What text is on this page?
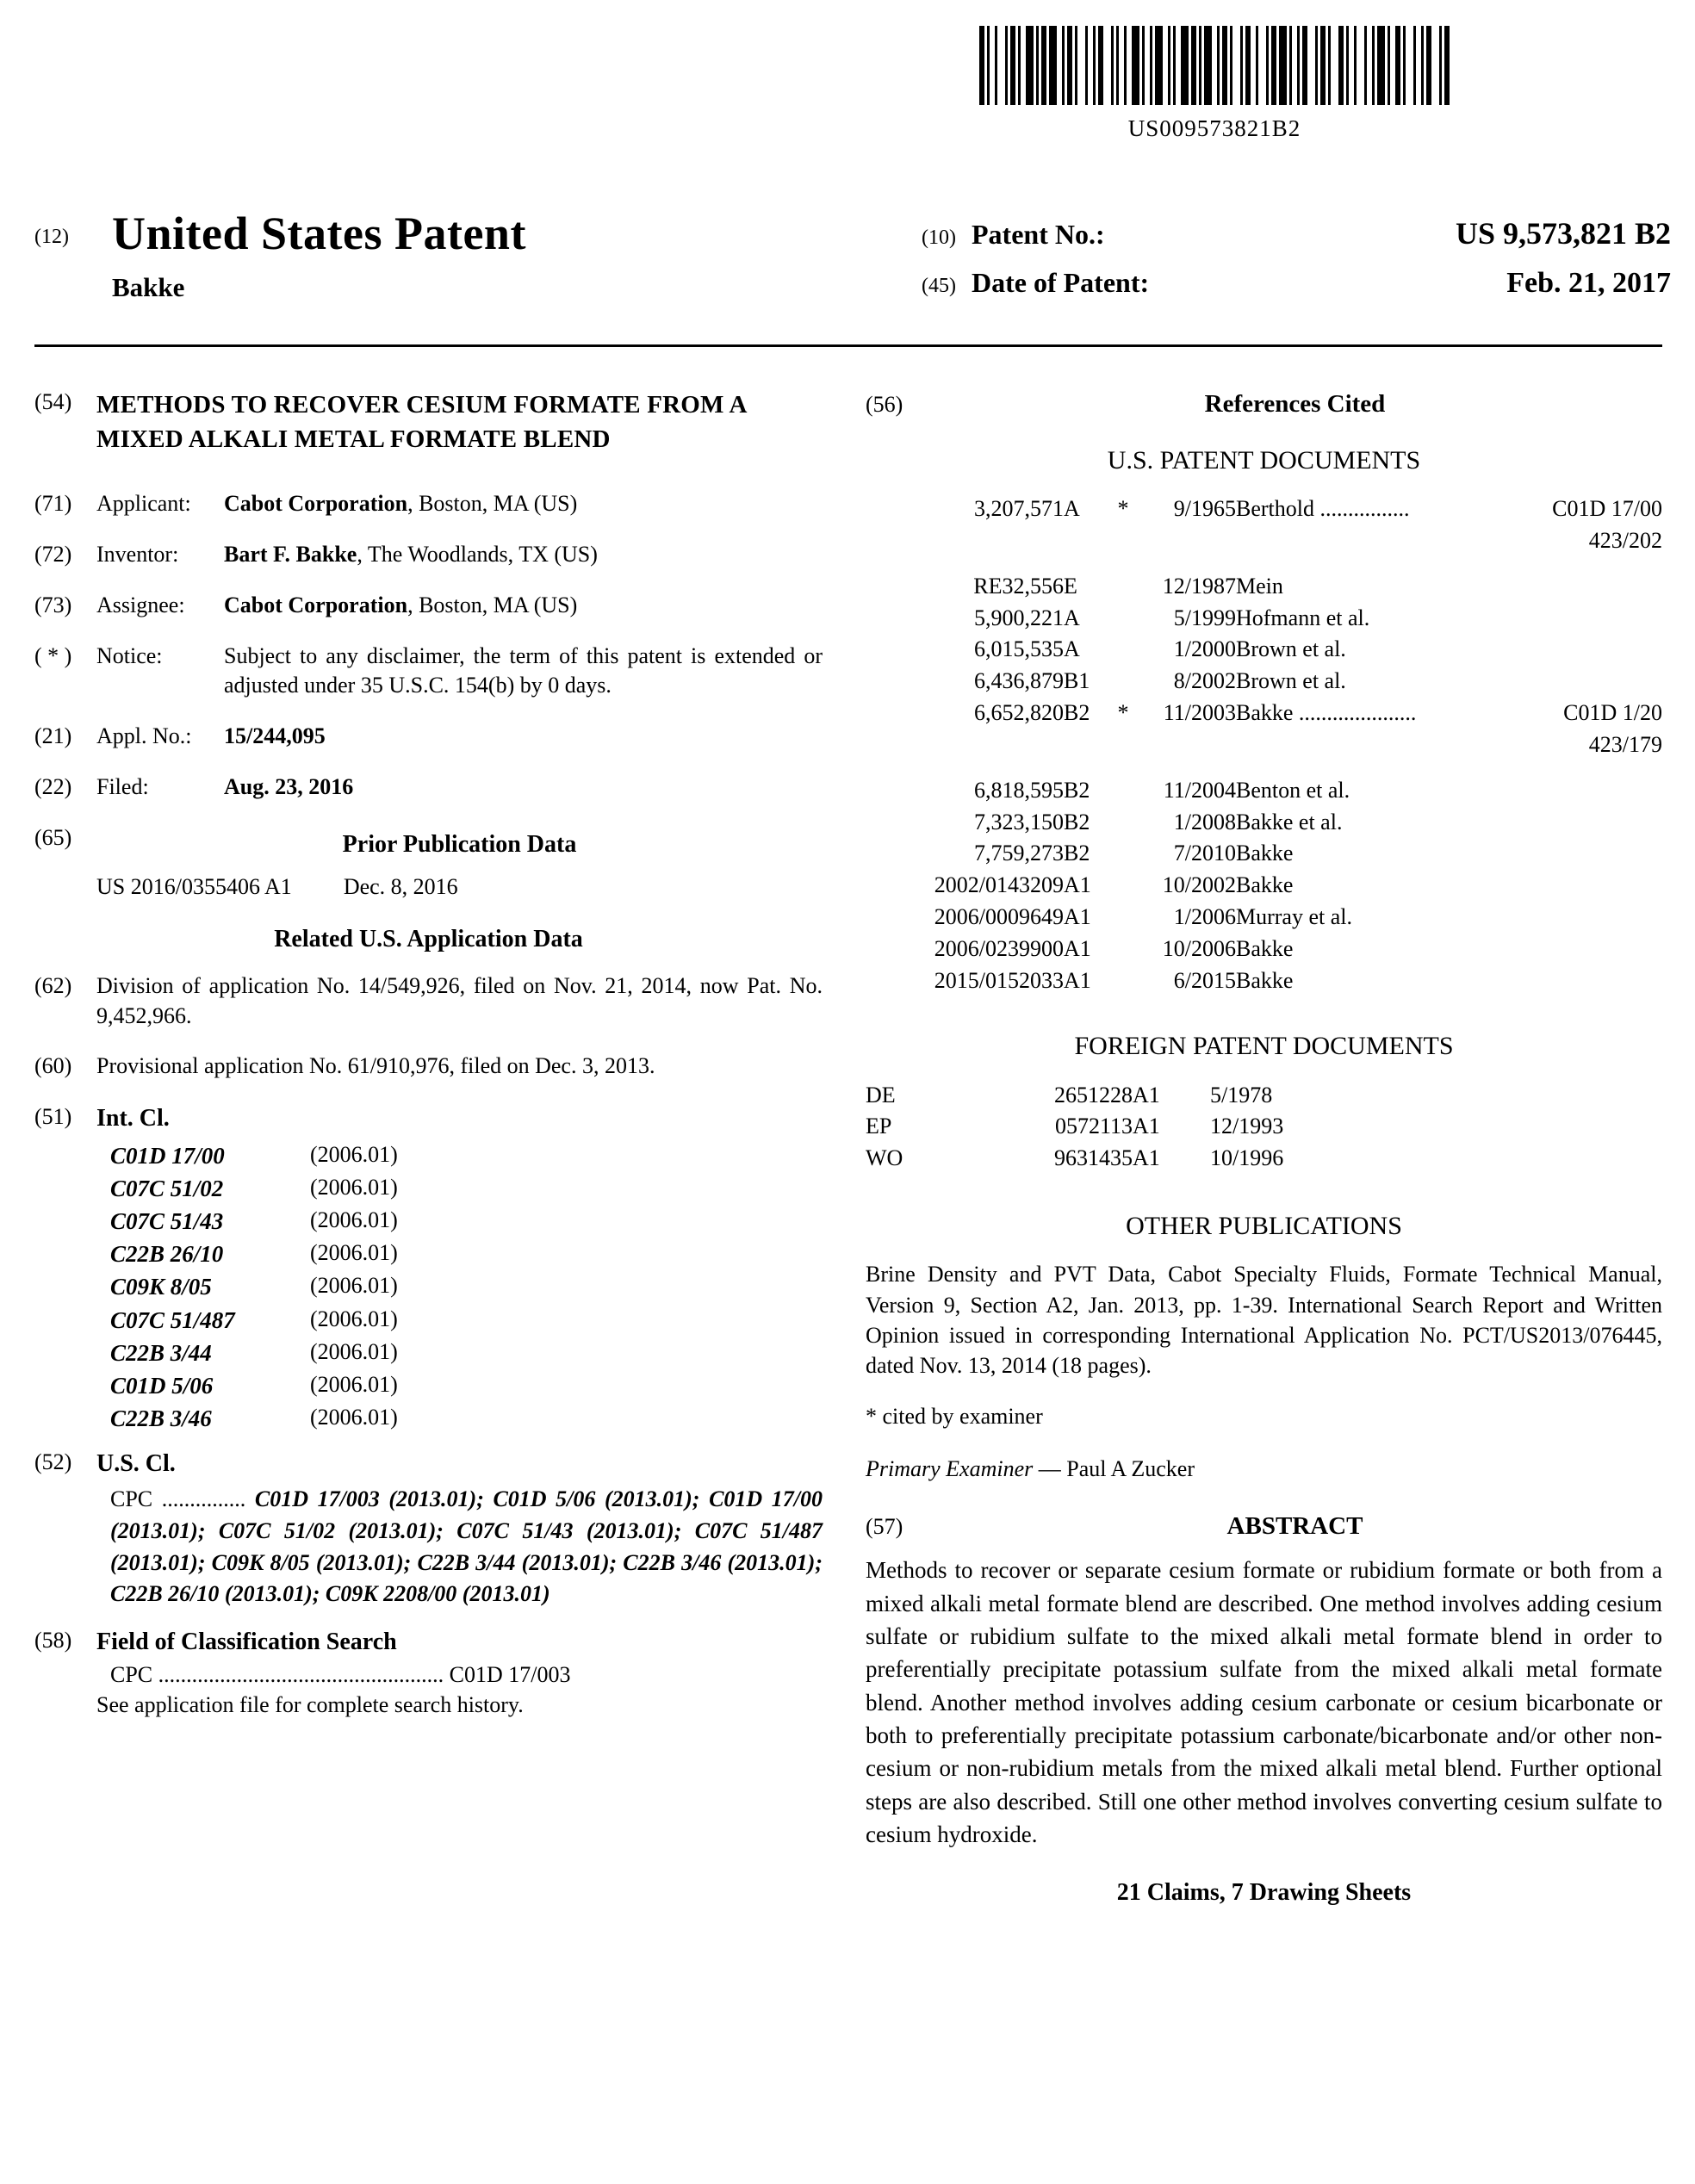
US009573821B2
(12) United States Patent
Bakke
(10) Patent No.:	US 9,573,821 B2
(45) Date of Patent:	Feb. 21, 2017
(54) METHODS TO RECOVER CESIUM FORMATE FROM A MIXED ALKALI METAL FORMATE BLEND
(71)	Applicant:	Cabot Corporation, Boston, MA (US)
(72)	Inventor:	Bart F. Bakke, The Woodlands, TX (US)
(73)	Assignee:	Cabot Corporation, Boston, MA (US)
( * )	Notice:	Subject to any disclaimer, the term of this patent is extended or adjusted under 35 U.S.C. 154(b) by 0 days.
(21)	Appl. No.:	15/244,095
(22)	Filed:	Aug. 23, 2016
(65)	Prior Publication Data
US 2016/0355406 A1 Dec. 8, 2016
Related U.S. Application Data
(62)	Division of application No. 14/549,926, filed on Nov. 21, 2014, now Pat. No. 9,452,966.
(60)	Provisional application No. 61/910,976, filed on Dec. 3, 2013.
(51)	Int. Cl.
C01D 17/00	(2006.01)
C07C 51/02	(2006.01)
C07C 51/43	(2006.01)
C22B 26/10	(2006.01)
C09K 8/05	(2006.01)
C07C 51/487	(2006.01)
C22B 3/44	(2006.01)
C01D 5/06	(2006.01)
C22B 3/46	(2006.01)
(52)	U.S. Cl.
CPC ............... C01D 17/003 (2013.01); C01D 5/06 (2013.01); C01D 17/00 (2013.01); C07C 51/02 (2013.01); C07C 51/43 (2013.01); C07C 51/487 (2013.01); C09K 8/05 (2013.01); C22B 3/44 (2013.01); C22B 3/46 (2013.01); C22B 26/10 (2013.01); C09K 2208/00 (2013.01)
(58)	Field of Classification Search
CPC ................................................... C01D 17/003
See application file for complete search history.
(56)	References Cited
U.S. PATENT DOCUMENTS
3,207,571	A	*	9/1965	Berthold ................	C01D 17/00
					423/202

RE32,556	E		12/1987	Mein	
5,900,221	A		5/1999	Hofmann et al.	
6,015,535	A		1/2000	Brown et al.	
6,436,879	B1		8/2002	Brown et al.	
6,652,820	B2	*	11/2003	Bakke .....................	C01D 1/20
					423/179

6,818,595	B2		11/2004	Benton et al.	
7,323,150	B2		1/2008	Bakke et al.	
7,759,273	B2		7/2010	Bakke	
2002/0143209	A1		10/2002	Bakke	
2006/0009649	A1		1/2006	Murray et al.	
2006/0239900	A1		10/2006	Bakke	
2015/0152033	A1		6/2015	Bakke	
FOREIGN PATENT DOCUMENTS
DE	2651228	A1	5/1978
EP	0572113	A1	12/1993
WO	9631435	A1	10/1996
OTHER PUBLICATIONS
Brine Density and PVT Data, Cabot Specialty Fluids, Formate Technical Manual, Version 9, Section A2, Jan. 2013, pp. 1-39. International Search Report and Written Opinion issued in corresponding International Application No. PCT/US2013/076445, dated Nov. 13, 2014 (18 pages).
* cited by examiner
Primary Examiner — Paul A Zucker
(57)	ABSTRACT
Methods to recover or separate cesium formate or rubidium formate or both from a mixed alkali metal formate blend are described. One method involves adding cesium sulfate or rubidium sulfate to the mixed alkali metal formate blend in order to preferentially precipitate potassium sulfate from the mixed alkali metal formate blend. Another method involves adding cesium carbonate or cesium bicarbonate or both to preferentially precipitate potassium carbonate/bicarbonate and/or other non-cesium or non-rubidium metals from the mixed alkali metal blend. Further optional steps are also described. Still one other method involves converting cesium sulfate to cesium hydroxide.
21 Claims, 7 Drawing Sheets
